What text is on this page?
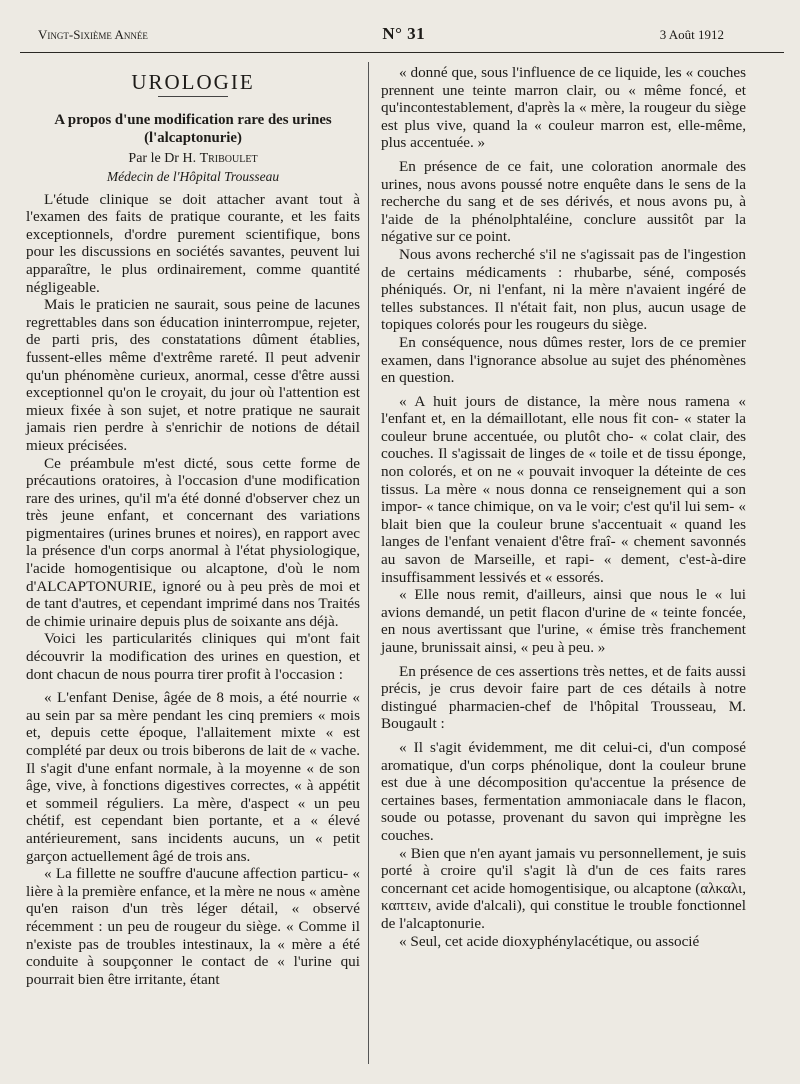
Vingt-Sixième Année	N° 31	3 Août 1912
UROLOGIE
A propos d'une modification rare des urines (l'alcaptonurie)
Par le Dr H. Triboulet
Médecin de l'Hôpital Trousseau

L'étude clinique se doit attacher avant tout à l'examen des faits de pratique courante, et les faits exceptionnels, d'ordre purement scientifique, bons pour les discussions en sociétés savantes, peuvent lui apparaître, le plus ordinairement, comme quantité négligeable.

Mais le praticien ne saurait, sous peine de lacunes regrettables dans son éducation ininterrompue, rejeter, de parti pris, des constatations dûment établies, fussent-elles même d'extrême rareté. Il peut advenir qu'un phénomène curieux, anormal, cesse d'être aussi exceptionnel qu'on le croyait, du jour où l'attention est mieux fixée à son sujet, et notre pratique ne saurait jamais rien perdre à s'enrichir de notions de détail mieux précisées.

Ce préambule m'est dicté, sous cette forme de précautions oratoires, à l'occasion d'une modification rare des urines, qu'il m'a été donné d'observer chez un très jeune enfant, et concernant des variations pigmentaires (urines brunes et noires), en rapport avec la présence d'un corps anormal à l'état physiologique, l'acide homogentisique ou alcaptone, d'où le nom d'ALCAPTONURIE, ignoré ou à peu près de moi et de tant d'autres, et cependant imprimé dans nos Traités de chimie urinaire depuis plus de soixante ans déjà.

Voici les particularités cliniques qui m'ont fait découvrir la modification des urines en question, et dont chacun de nous pourra tirer profit à l'occasion :

« L'enfant Denise, âgée de 8 mois, a été nourrie « au sein par sa mère pendant les cinq premiers « mois et, depuis cette époque, l'allaitement mixte « est complété par deux ou trois biberons de lait de « vache. Il s'agit d'une enfant normale, à la moyenne « de son âge, vive, à fonctions digestives correctes, « à appétit et sommeil réguliers. La mère, d'aspect « un peu chétif, est cependant bien portante, et a « élevé antérieurement, sans incidents aucuns, un « petit garçon actuellement âgé de trois ans.

« La fillette ne souffre d'aucune affection particu- « lière à la première enfance, et la mère ne nous « amène qu'en raison d'un très léger détail, « observé récemment : un peu de rougeur du siège. « Comme il n'existe pas de troubles intestinaux, la « mère a été conduite à soupçonner le contact de « l'urine qui pourrait bien être irritante, étant

« donné que, sous l'influence de ce liquide, les « couches prennent une teinte marron clair, ou « même foncé, et qu'incontestablement, d'après la « mère, la rougeur du siège est plus vive, quand la « couleur marron est, elle-même, plus accentuée. »

En présence de ce fait, une coloration anormale des urines, nous avons poussé notre enquête dans le sens de la recherche du sang et de ses dérivés, et nous avons pu, à l'aide de la phénolphtaléine, conclure aussitôt par la négative sur ce point.

Nous avons recherché s'il ne s'agissait pas de l'ingestion de certains médicaments : rhubarbe, séné, composés phéniqués. Or, ni l'enfant, ni la mère n'avaient ingéré de telles substances. Il n'était fait, non plus, aucun usage de topiques colorés pour les rougeurs du siège.

En conséquence, nous dûmes rester, lors de ce premier examen, dans l'ignorance absolue au sujet des phénomènes en question.

« A huit jours de distance, la mère nous ramena « l'enfant et, en la démaillotant, elle nous fit con- « stater la couleur brune accentuée, ou plutôt cho- « colat clair, des couches. Il s'agissait de linges de « toile et de tissu éponge, non colorés, et on ne « pouvait invoquer la déteinte de ces tissus. La mère « nous donna ce renseignement qui a son impor- « tance chimique, on va le voir; c'est qu'il lui sem- « blait bien que la couleur brune s'accentuait « quand les langes de l'enfant venaient d'être fraî- « chement savonnés au savon de Marseille, et rapi- « dement, c'est-à-dire insuffisamment lessivés et « essorés.

« Elle nous remit, d'ailleurs, ainsi que nous le « lui avions demandé, un petit flacon d'urine de « teinte foncée, en nous avertissant que l'urine, « émise très franchement jaune, brunissait ainsi, « peu à peu. »

En présence de ces assertions très nettes, et de faits aussi précis, je crus devoir faire part de ces détails à notre distingué pharmacien-chef de l'hôpital Trousseau, M. Bougault :

« Il s'agit évidemment, me dit celui-ci, d'un composé aromatique, d'un corps phénolique, dont la couleur brune est due à une décomposition qu'accentue la présence de certaines bases, fermentation ammoniacale dans le flacon, soude ou potasse, provenant du savon qui imprègne les couches.

« Bien que n'en ayant jamais vu personnellement, je suis porté à croire qu'il s'agit là d'un de ces faits rares concernant cet acide homogentisique, ou alcaptone (αλκαλι, καπτειν, avide d'alcali), qui constitue le trouble fonctionnel de l'alcaptonurie.

« Seul, cet acide dioxyphénylacétique, ou associé
